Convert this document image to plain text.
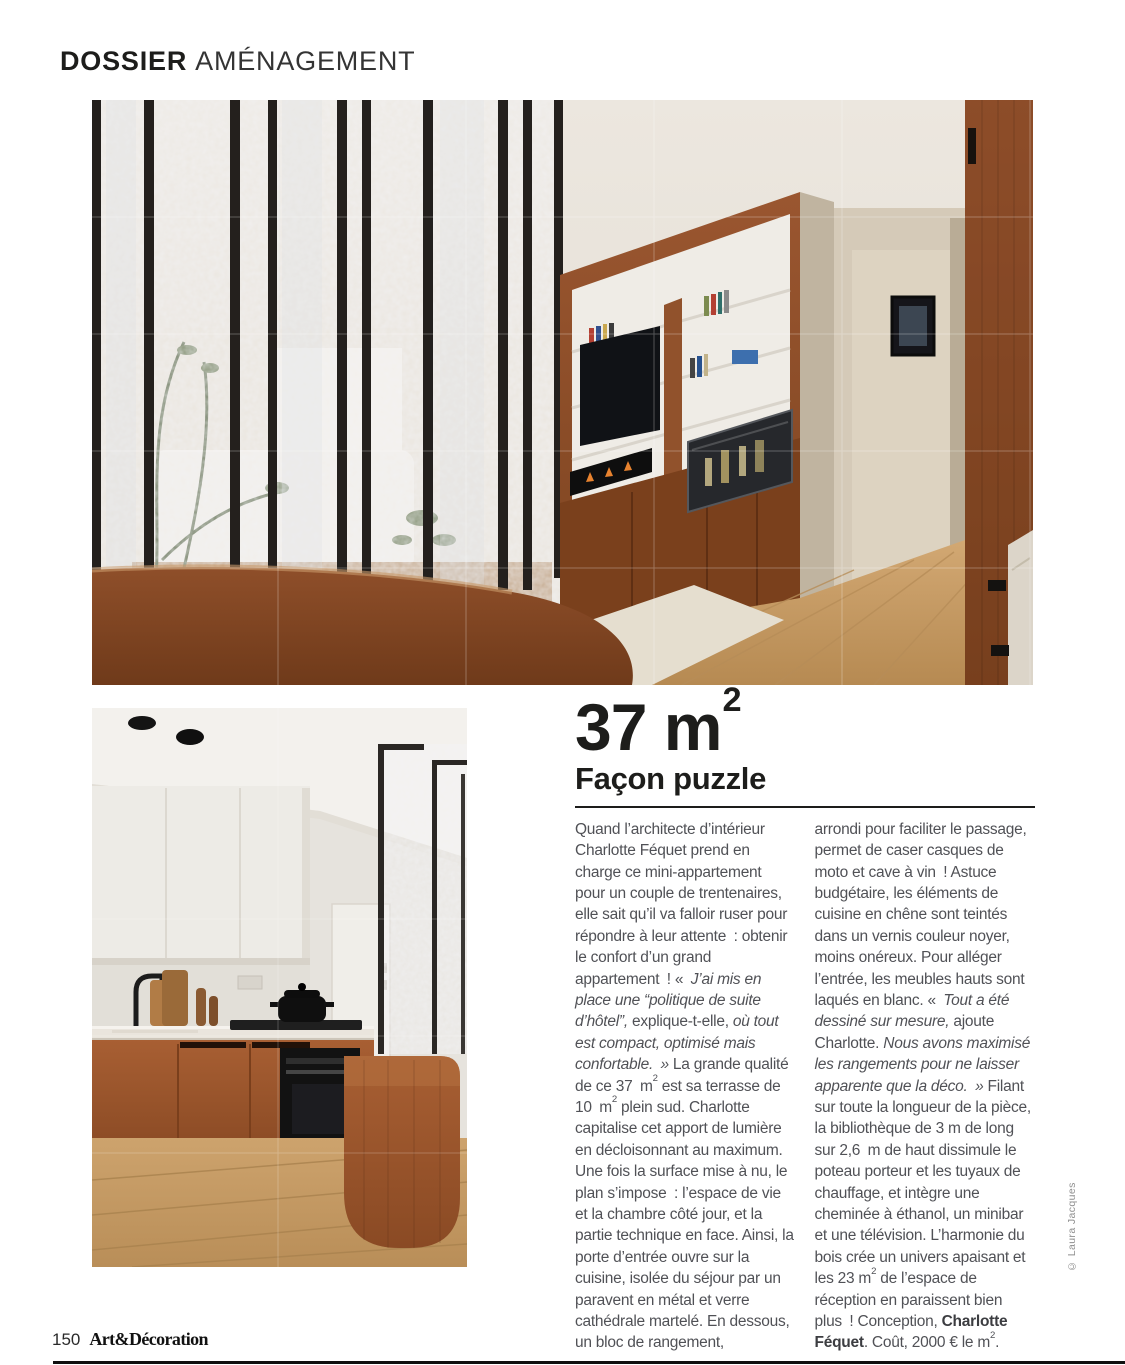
DOSSIER AMÉNAGEMENT
37 $m^2$
Façon puzzle
Quand l’architecte d’intérieur Charlotte Féquet prend en charge ce mini-appartement pour un couple de trentenaires, elle sait qu’il va falloir ruser pour répondre à leur attente : obtenir le confort d’un grand appartement ! « J’ai mis en place une “politique de suite d’hôtel”, explique-t-elle, où tout est compact, optimisé mais confortable. » La grande qualité de ce 37 $m^2$ est sa terrasse de 10 $m^2$ plein sud. Charlotte capitalise cet apport de lumière en décloisonnant au maximum. Une fois la surface mise à nu, le plan s’impose : l’espace de vie et la chambre côté jour, et la partie technique en face. Ainsi, la porte d’entrée ouvre sur la cuisine, isolée du séjour par un paravent en métal et verre cathédrale martelé. En dessous, un bloc de rangement,
arrondi pour faciliter le passage, permet de caser casques de moto et cave à vin ! Astuce budgétaire, les éléments de cuisine en chêne sont teintés dans un vernis couleur noyer, moins onéreux. Pour alléger l’entrée, les meubles hauts sont laqués en blanc. « Tout a été dessiné sur mesure, ajoute Charlotte. Nous avons maximisé les rangements pour ne laisser apparente que la déco. » Filant sur toute la longueur de la pièce, la bibliothèque de 3 m de long sur 2,6 m de haut dissimule le poteau porteur et les tuyaux de chauffage, et intègre une cheminée à éthanol, un minibar et une télévision. L’harmonie du bois crée un univers apaisant et les 23 $m^2$ de l’espace de réception en paraissent bien plus ! Conception, Charlotte Féquet. Coût, 2000 € le $m^2$.
© Laura Jacques
150 Art&Décoration
